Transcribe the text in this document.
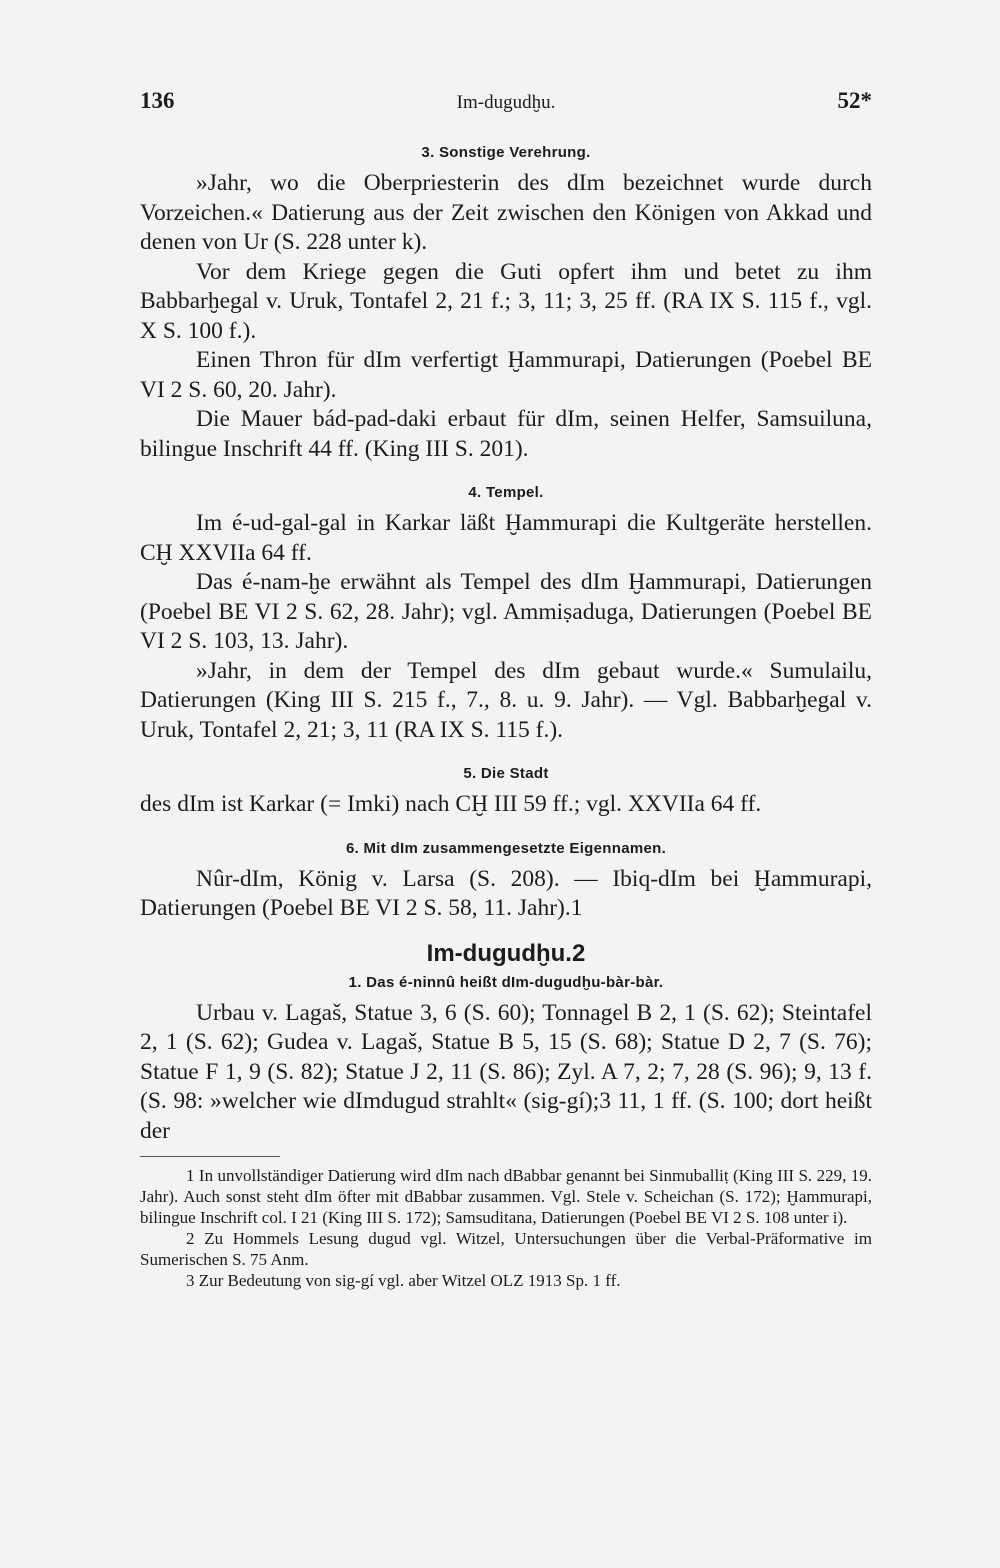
136	Im-dugudḫu.	52*
3. Sonstige Verehrung.

»Jahr, wo die Oberpriesterin des dIm bezeichnet wurde durch Vorzeichen.« Datierung aus der Zeit zwischen den Königen von Akkad und denen von Ur (S. 228 unter k).

Vor dem Kriege gegen die Guti opfert ihm und betet zu ihm Babbarḫegal v. Uruk, Tontafel 2, 21 f.; 3, 11; 3, 25 ff. (RA IX S. 115 f., vgl. X S. 100 f.).

Einen Thron für dIm verfertigt Ḫammurapi, Datierungen (Poebel BE VI 2 S. 60, 20. Jahr).

Die Mauer bád-pad-daki erbaut für dIm, seinen Helfer, Samsuiluna, bilingue Inschrift 44 ff. (King III S. 201).

4. Tempel.

Im é-ud-gal-gal in Karkar läßt Ḫammurapi die Kultgeräte herstellen. CḪ XXVIIa 64 ff.

Das é-nam-ḫe erwähnt als Tempel des dIm Ḫammurapi, Datierungen (Poebel BE VI 2 S. 62, 28. Jahr); vgl. Ammiṣaduga, Datierungen (Poebel BE VI 2 S. 103, 13. Jahr).

»Jahr, in dem der Tempel des dIm gebaut wurde.« Sumulailu, Datierungen (King III S. 215 f., 7., 8. u. 9. Jahr). — Vgl. Babbarḫegal v. Uruk, Tontafel 2, 21; 3, 11 (RA IX S. 115 f.).

5. Die Stadt

des dIm ist Karkar (= Imki) nach CḪ III 59 ff.; vgl. XXVIIa 64 ff.

6. Mit dIm zusammengesetzte Eigennamen.

Nûr-dIm, König v. Larsa (S. 208). — Ibiq-dIm bei Ḫammurapi, Datierungen (Poebel BE VI 2 S. 58, 11. Jahr).1

Im-dugudḫu.2
1. Das é-ninnû heißt dIm-dugudḫu-bàr-bàr.

Urbau v. Lagaš, Statue 3, 6 (S. 60); Tonnagel B 2, 1 (S. 62); Steintafel 2, 1 (S. 62); Gudea v. Lagaš, Statue B 5, 15 (S. 68); Statue D 2, 7 (S. 76); Statue F 1, 9 (S. 82); Statue J 2, 11 (S. 86); Zyl. A 7, 2; 7, 28 (S. 96); 9, 13 f. (S. 98: »welcher wie dImdugud strahlt« (sig-gí);3 11, 1 ff. (S. 100; dort heißt der

1 In unvollständiger Datierung wird dIm nach dBabbar genannt bei Sinmuballiṭ (King III S. 229, 19. Jahr). Auch sonst steht dIm öfter mit dBabbar zusammen. Vgl. Stele v. Scheichan (S. 172); Ḫammurapi, bilingue Inschrift col. I 21 (King III S. 172); Samsuditana, Datierungen (Poebel BE VI 2 S. 108 unter i).

2 Zu Hommels Lesung dugud vgl. Witzel, Untersuchungen über die Verbal-Präformative im Sumerischen S. 75 Anm.

3 Zur Bedeutung von sig-gí vgl. aber Witzel OLZ 1913 Sp. 1 ff.
